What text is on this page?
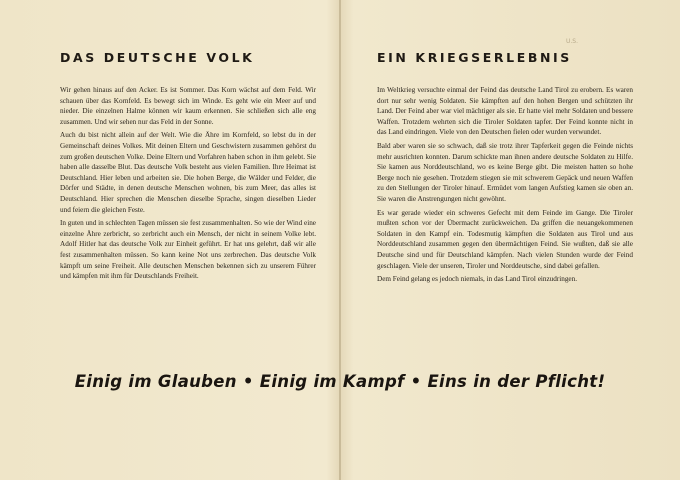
U.S.
DAS DEUTSCHE VOLK

Wir gehen hinaus auf den Acker. Es ist Sommer. Das Korn wächst auf dem Feld. Wir schauen über das Kornfeld. Es bewegt sich im Winde. Es geht wie ein Meer auf und nieder. Die einzelnen Halme können wir kaum erkennen. Sie schließen sich alle eng zusammen. Und wir sehen nur das Feld in der Sonne.

Auch du bist nicht allein auf der Welt. Wie die Ähre im Kornfeld, so lebst du in der Gemeinschaft deines Volkes. Mit deinen Eltern und Geschwistern zusammen gehörst du zum großen deutschen Volke. Deine Eltern und Vorfahren haben schon in ihm gelebt. Sie haben alle dasselbe Blut. Das deutsche Volk besteht aus vielen Familien. Ihre Heimat ist Deutschland. Hier leben und arbeiten sie. Die hohen Berge, die Wälder und Felder, die Dörfer und Städte, in denen deutsche Menschen wohnen, bis zum Meer, das alles ist Deutschland. Hier sprechen die Menschen dieselbe Sprache, singen dieselben Lieder und feiern die gleichen Feste.

In guten und in schlechten Tagen müssen sie fest zusammenhalten. So wie der Wind eine einzelne Ähre zerbricht, so zerbricht auch ein Mensch, der nicht in seinem Volke lebt. Adolf Hitler hat das deutsche Volk zur Einheit geführt. Er hat uns gelehrt, daß wir alle fest zusammenhalten müssen. So kann keine Not uns zerbrechen. Das deutsche Volk kämpft um seine Freiheit. Alle deutschen Menschen bekennen sich zu unserem Führer und kämpfen mit ihm für Deutschlands Freiheit.

EIN KRIEGSERLEBNIS

Im Weltkrieg versuchte einmal der Feind das deutsche Land Tirol zu erobern. Es waren dort nur sehr wenig Soldaten. Sie kämpften auf den hohen Bergen und schützten ihr Land. Der Feind aber war viel mächtiger als sie. Er hatte viel mehr Soldaten und bessere Waffen. Trotzdem wehrten sich die Tiroler Soldaten tapfer. Der Feind konnte nicht in das Land eindringen. Viele von den Deutschen fielen oder wurden verwundet.

Bald aber waren sie so schwach, daß sie trotz ihrer Tapferkeit gegen die Feinde nichts mehr ausrichten konnten. Darum schickte man ihnen andere deutsche Soldaten zu Hilfe. Sie kamen aus Norddeutschland, wo es keine Berge gibt. Die meisten hatten so hohe Berge noch nie gesehen. Trotzdem stiegen sie mit schwerem Gepäck und neuen Waffen zu den Stellungen der Tiroler hinauf. Ermüdet vom langen Aufstieg kamen sie oben an. Sie waren die Anstrengungen nicht gewöhnt.

Es war gerade wieder ein schweres Gefecht mit dem Feinde im Gange. Die Tiroler mußten schon vor der Übermacht zurückweichen. Da griffen die neuangekommenen Soldaten in den Kampf ein. Todesmutig kämpften die Soldaten aus Tirol und aus Norddeutschland zusammen gegen den übermächtigen Feind. Sie wußten, daß sie alle Deutsche sind und für Deutschland kämpfen. Nach vielen Stunden wurde der Feind geschlagen. Viele der unseren, Tiroler und Norddeutsche, sind dabei gefallen.

Dem Feind gelang es jedoch niemals, in das Land Tirol einzudringen.

Einig im Glauben • Einig im Kampf • Eins in der Pflicht!
